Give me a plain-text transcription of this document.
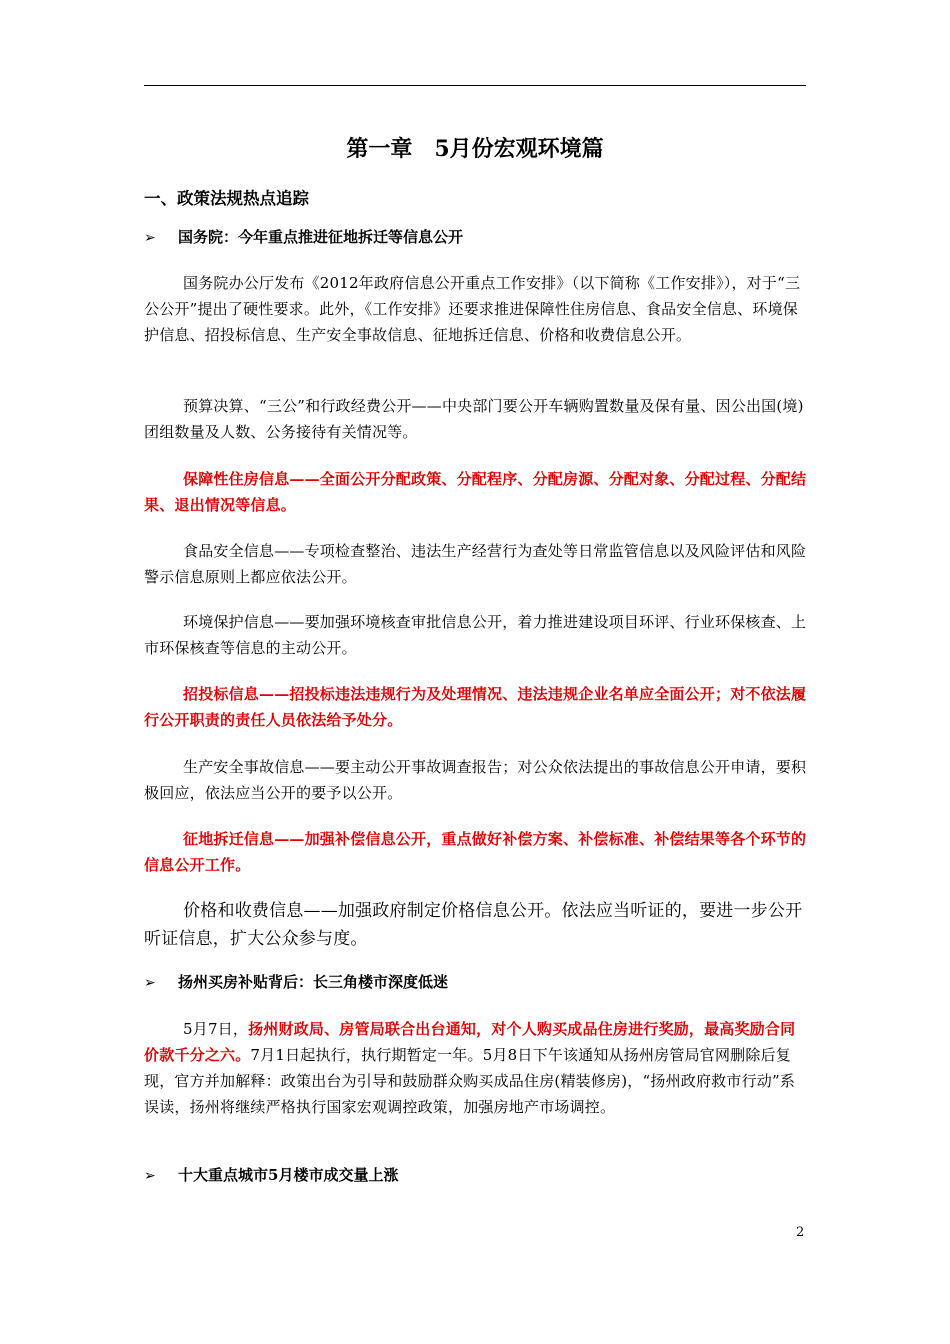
第一章　5月份宏观环境篇
一、政策法规热点追踪
➢ 国务院：今年重点推进征地拆迁等信息公开
国务院办公厅发布《2012年政府信息公开重点工作安排》（以下简称《工作安排》），对于“三公公开”提出了硬性要求。此外，《工作安排》还要求推进保障性住房信息、食品安全信息、环境保护信息、招投标信息、生产安全事故信息、征地拆迁信息、价格和收费信息公开。
预算决算、“三公”和行政经费公开——中央部门要公开车辆购置数量及保有量、因公出国(境)团组数量及人数、公务接待有关情况等。
保障性住房信息——全面公开分配政策、分配程序、分配房源、分配对象、分配过程、分配结果、退出情况等信息。
食品安全信息——专项检查整治、违法生产经营行为查处等日常监管信息以及风险评估和风险警示信息原则上都应依法公开。
环境保护信息——要加强环境核查审批信息公开，着力推进建设项目环评、行业环保核查、上市环保核查等信息的主动公开。
招投标信息——招投标违法违规行为及处理情况、违法违规企业名单应全面公开；对不依法履行公开职责的责任人员依法给予处分。
生产安全事故信息——要主动公开事故调查报告；对公众依法提出的事故信息公开申请，要积极回应，依法应当公开的要予以公开。
征地拆迁信息——加强补偿信息公开，重点做好补偿方案、补偿标准、补偿结果等各个环节的信息公开工作。
价格和收费信息——加强政府制定价格信息公开。依法应当听证的，要进一步公开听证信息，扩大公众参与度。
➢ 扬州买房补贴背后：长三角楼市深度低迷
5月7日，扬州财政局、房管局联合出台通知，对个人购买成品住房进行奖励，最高奖励合同价款千分之六。7月1日起执行，执行期暂定一年。5月8日下午该通知从扬州房管局官网删除后复现，官方并加解释：政策出台为引导和鼓励群众购买成品住房(精装修房)，“扬州政府救市行动”系误读，扬州将继续严格执行国家宏观调控政策，加强房地产市场调控。
➢ 十大重点城市5月楼市成交量上涨
2
